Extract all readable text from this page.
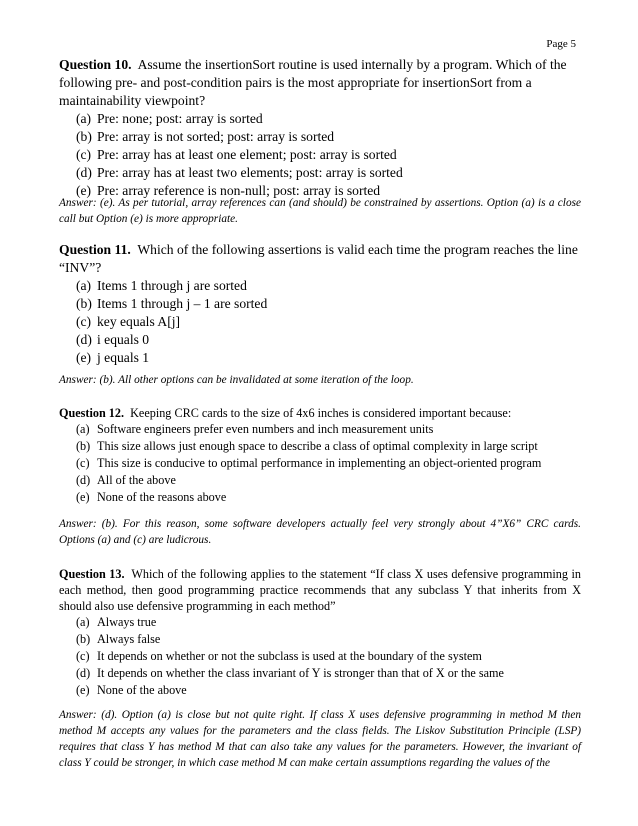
Page 5

Question 10. Assume the insertionSort routine is used internally by a program. Which of the following pre- and post-condition pairs is the most appropriate for insertionSort from a maintainability viewpoint?

(a) Pre: none; post: array is sorted
(b) Pre: array is not sorted; post: array is sorted
(c) Pre: array has at least one element; post: array is sorted
(d) Pre: array has at least two elements; post: array is sorted
(e) Pre: array reference is non-null; post: array is sorted

Answer: (e). As per tutorial, array references can (and should) be constrained by assertions. Option (a) is a close call but Option (e) is more appropriate.

Question 11. Which of the following assertions is valid each time the program reaches the line “INV”?

(a) Items 1 through j are sorted
(b) Items 1 through j – 1 are sorted
(c) key equals A[j]
(d) i equals 0
(e) j equals 1

Answer: (b). All other options can be invalidated at some iteration of the loop.

Question 12. Keeping CRC cards to the size of 4x6 inches is considered important because:

(a) Software engineers prefer even numbers and inch measurement units
(b) This size allows just enough space to describe a class of optimal complexity in large script
(c) This size is conducive to optimal performance in implementing an object-oriented program
(d) All of the above
(e) None of the reasons above

Answer: (b). For this reason, some software developers actually feel very strongly about 4”X6” CRC cards. Options (a) and (c) are ludicrous.

Question 13. Which of the following applies to the statement “If class X uses defensive programming in each method, then good programming practice recommends that any subclass Y that inherits from X should also use defensive programming in each method”

(a) Always true
(b) Always false
(c) It depends on whether or not the subclass is used at the boundary of the system
(d) It depends on whether the class invariant of Y is stronger than that of X or the same
(e) None of the above

Answer: (d). Option (a) is close but not quite right. If class X uses defensive programming in method M then method M accepts any values for the parameters and the class fields. The Liskov Substitution Principle (LSP) requires that class Y has method M that can also take any values for the parameters. However, the invariant of class Y could be stronger, in which case method M can make certain assumptions regarding the values of the
